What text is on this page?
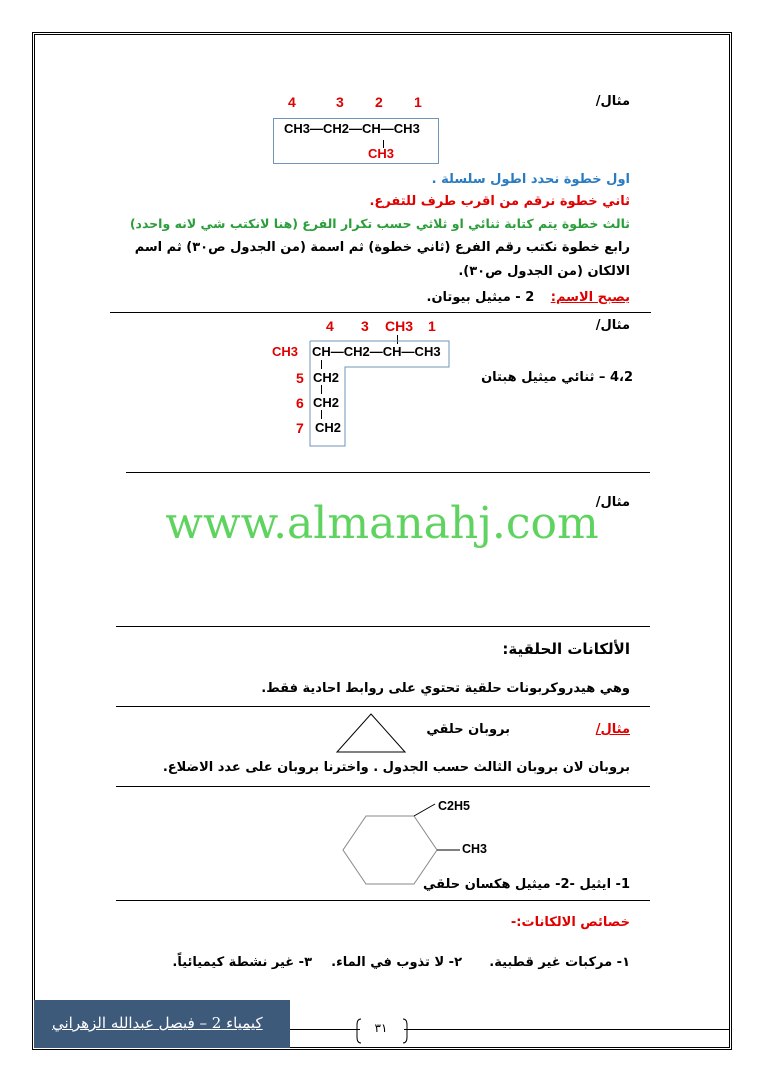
مثال/
4	3 2 1
CH3—CH2—CH—CH3
CH3
اول خطوة نحدد اطول سلسلة .
ثاني خطوة نرقم من اقرب طرف للتفرع.
ثالث خطوة يتم كتابة ثنائي او ثلاثي حسب تكرار الفرع (هنا لانكتب شي لانه واحدد)
رابع خطوة نكتب رقم الفرع (ثاني خطوة) ثم اسمة (من الجدول ص٣٠) ثم اسم
الالكان (من الجدول ص٣٠).
يصبح الاسم: 2 - ميثيل بيوتان.
مثال/
4 3 CH3 1
CH3 CH—CH2—CH—CH3
5 CH2
6 CH2
7 CH2
4،2 – ثنائي ميثيل هبتان
مثال/
www.almanahj.com
الألكانات الحلقية:
وهي هيدروكربونات حلقية تحتوي على روابط احادية فقط.
مثال/
بروبان حلقي
بروبان لان بروبان الثالث حسب الجدول . واخترنا بروبان على عدد الاضلاع.
C2H5
CH3
1- ايثيل -2- ميثيل هكسان حلقي
خصائص الالكانات:-
١- مركبات غير قطبية.
٢- لا تذوب في الماء.
٣- غير نشطة كيميائياً.
كيمياء 2 – فيصل عبدالله الزهراني	٣١
